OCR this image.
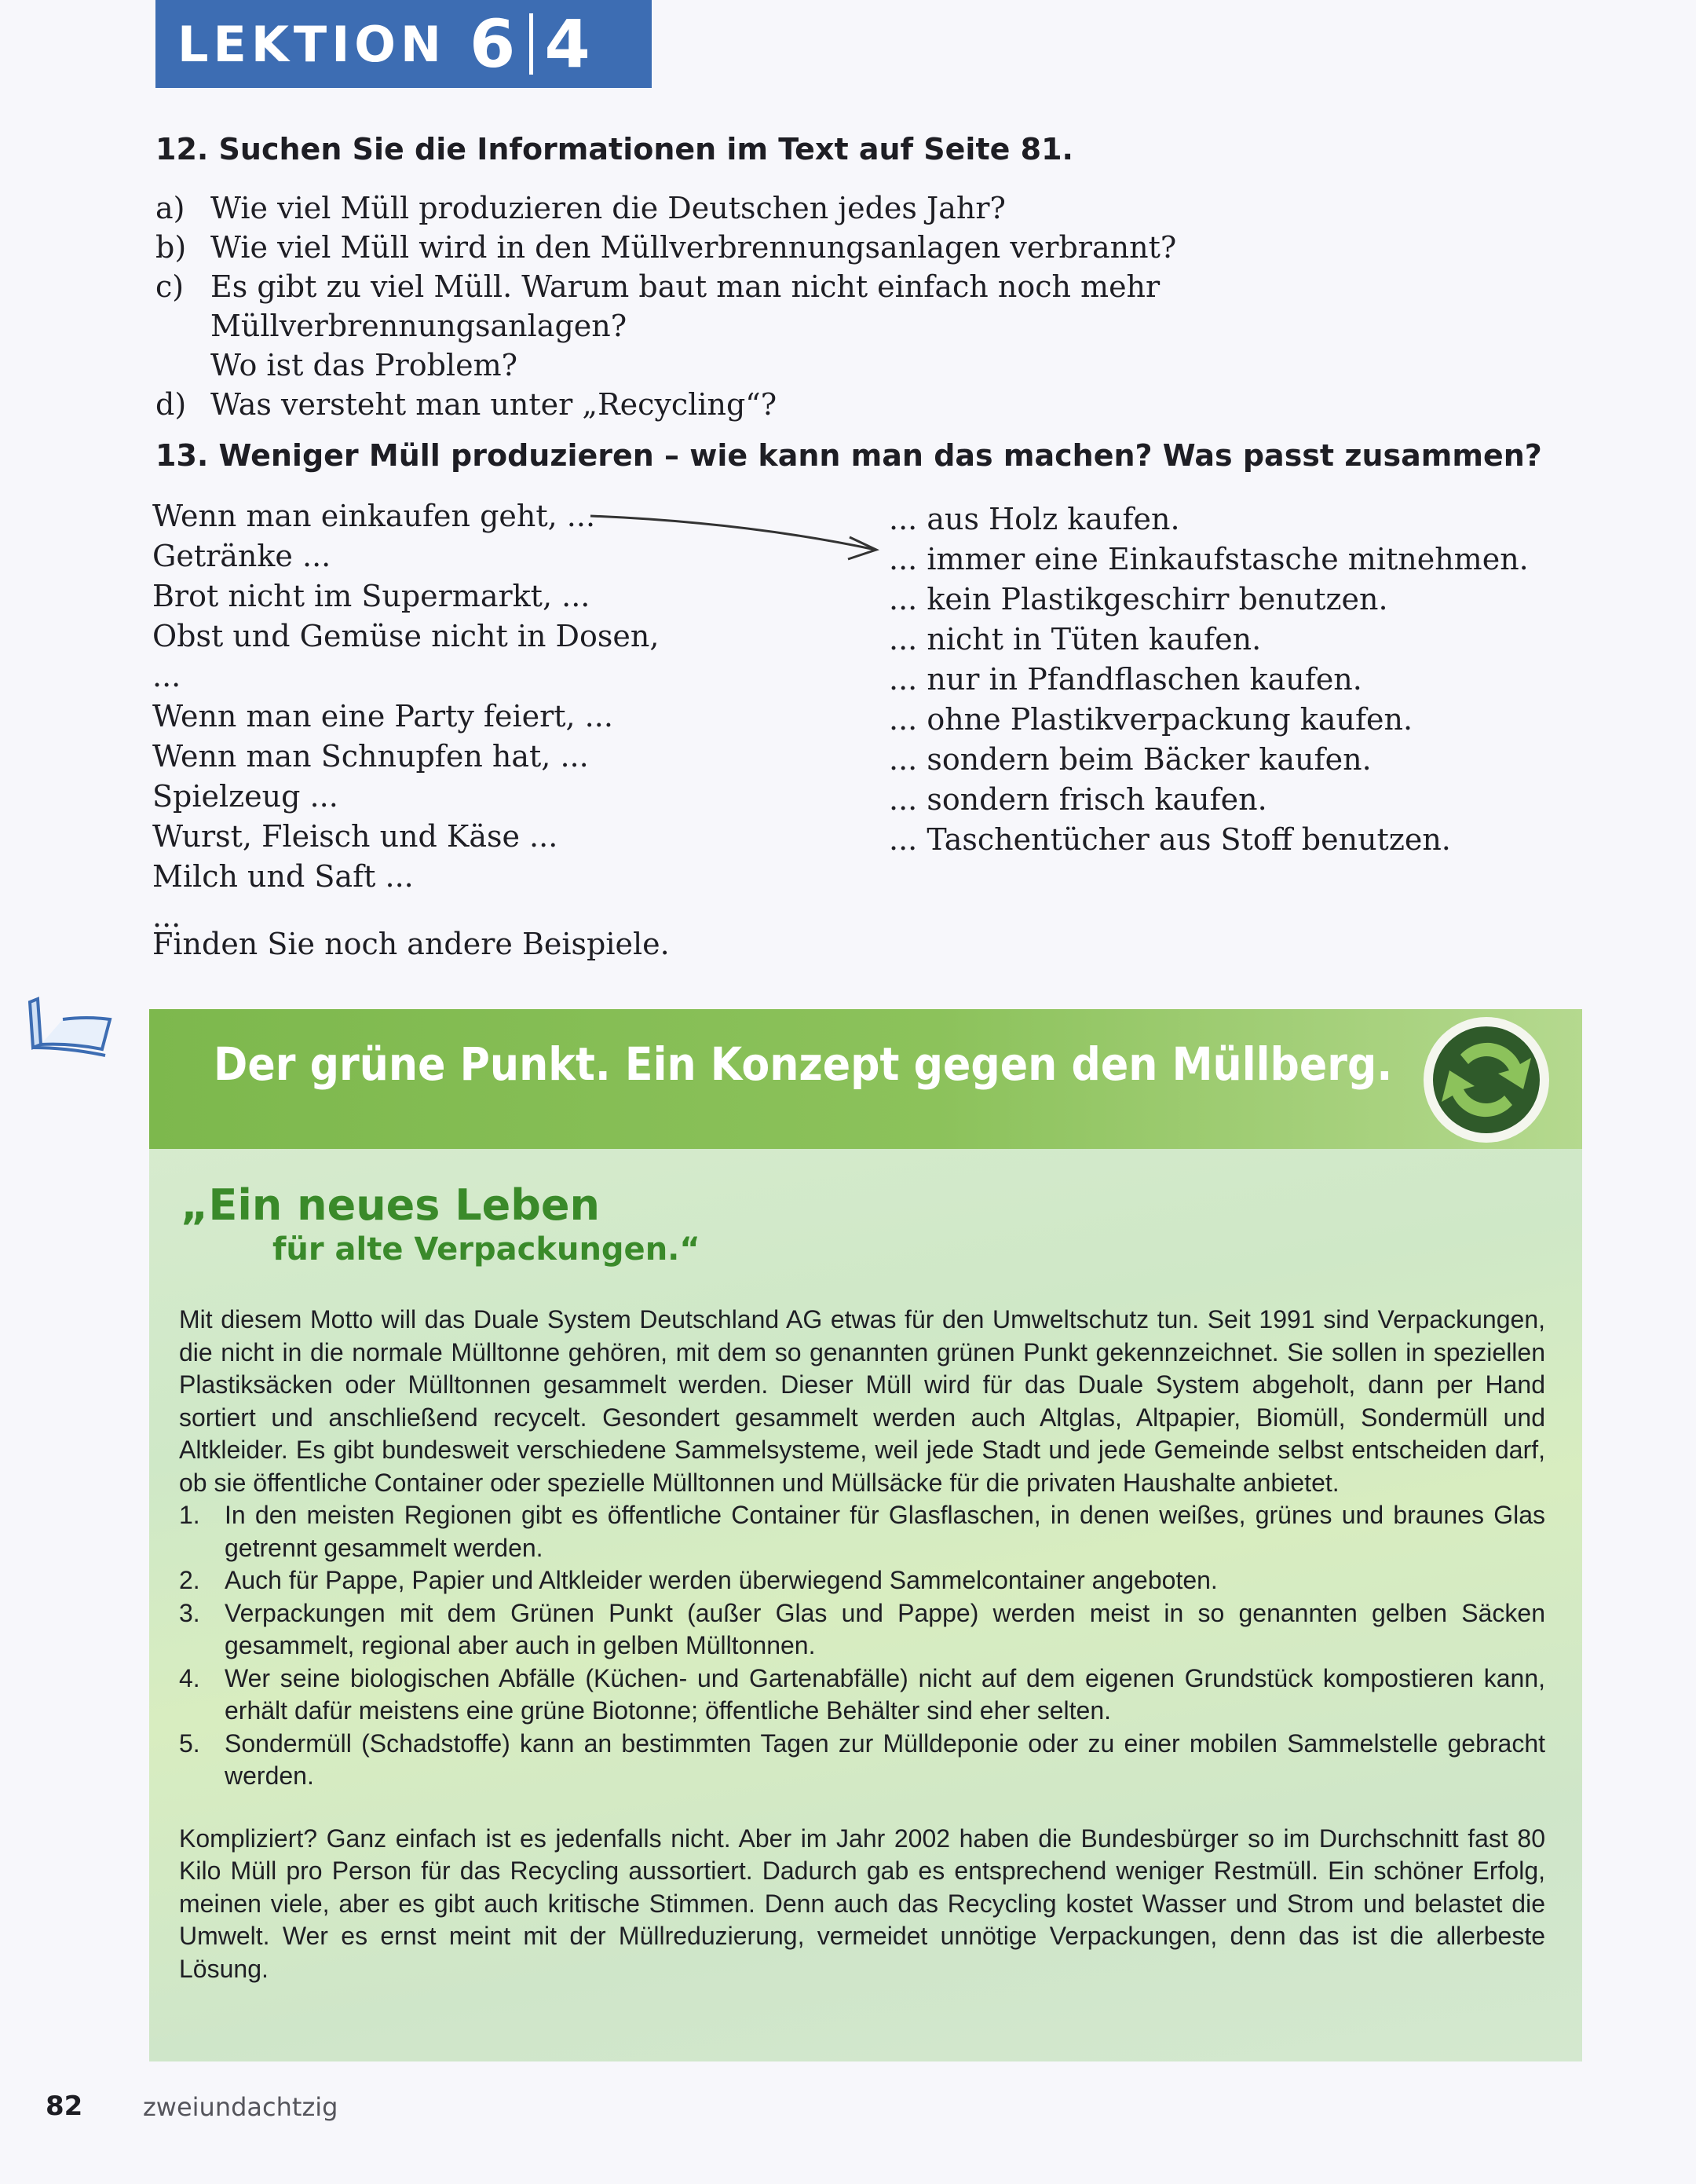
LEKTION 6 4
12. Suchen Sie die Informationen im Text auf Seite 81.
a) Wie viel Müll produzieren die Deutschen jedes Jahr?
b) Wie viel Müll wird in den Müllverbrennungsanlagen verbrannt?
c) Es gibt zu viel Müll. Warum baut man nicht einfach noch mehr Müllverbrennungsanlagen?
Wo ist das Problem?
d) Was versteht man unter „Recycling“?
13. Weniger Müll produzieren – wie kann man das machen? Was passt zusammen?
Wenn man einkaufen geht, ...
Getränke ...
Brot nicht im Supermarkt, ...
Obst und Gemüse nicht in Dosen, ...
Wenn man eine Party feiert, ...
Wenn man Schnupfen hat, ...
Spielzeug ...
Wurst, Fleisch und Käse ...
Milch und Saft ...
...
... aus Holz kaufen.
... immer eine Einkaufstasche mitnehmen.
... kein Plastikgeschirr benutzen.
... nicht in Tüten kaufen.
... nur in Pfandflaschen kaufen.
... ohne Plastikverpackung kaufen.
... sondern beim Bäcker kaufen.
... sondern frisch kaufen.
... Taschentücher aus Stoff benutzen.
Finden Sie noch andere Beispiele.
Der grüne Punkt. Ein Konzept gegen den Müllberg.
„Ein neues Leben
für alte Verpackungen.“

Mit diesem Motto will das Duale System Deutschland AG etwas für den Umweltschutz tun. Seit 1991 sind Verpackungen, die nicht in die normale Mülltonne gehören, mit dem so genannten grünen Punkt gekennzeichnet. Sie sollen in speziellen Plastiksäcken oder Mülltonnen gesammelt werden. Dieser Müll wird für das Duale System abgeholt, dann per Hand sortiert und anschließend recycelt. Gesondert gesammelt werden auch Altglas, Altpapier, Biomüll, Sondermüll und Altkleider. Es gibt bundesweit verschiedene Sammelsysteme, weil jede Stadt und jede Gemeinde selbst entscheiden darf, ob sie öffentliche Container oder spezielle Mülltonnen und Müllsäcke für die privaten Haushalte anbietet.

1. In den meisten Regionen gibt es öffentliche Container für Glasflaschen, in denen weißes, grünes und braunes Glas getrennt gesammelt werden.
2. Auch für Pappe, Papier und Altkleider werden überwiegend Sammelcontainer angeboten.
3. Verpackungen mit dem Grünen Punkt (außer Glas und Pappe) werden meist in so genannten gelben Säcken gesammelt, regional aber auch in gelben Mülltonnen.
4. Wer seine biologischen Abfälle (Küchen- und Gartenabfälle) nicht auf dem eigenen Grundstück kompostieren kann, erhält dafür meistens eine grüne Biotonne; öffentliche Behälter sind eher selten.
5. Sondermüll (Schadstoffe) kann an bestimmten Tagen zur Mülldeponie oder zu einer mobilen Sammelstelle gebracht werden.

Kompliziert? Ganz einfach ist es jedenfalls nicht. Aber im Jahr 2002 haben die Bundesbürger so im Durchschnitt fast 80 Kilo Müll pro Person für das Recycling aussortiert. Dadurch gab es entsprechend weniger Restmüll. Ein schöner Erfolg, meinen viele, aber es gibt auch kritische Stimmen. Denn auch das Recycling kostet Wasser und Strom und belastet die Umwelt. Wer es ernst meint mit der Müllreduzierung, vermeidet unnötige Verpackungen, denn das ist die allerbeste Lösung.

82 zweiundachtzig
